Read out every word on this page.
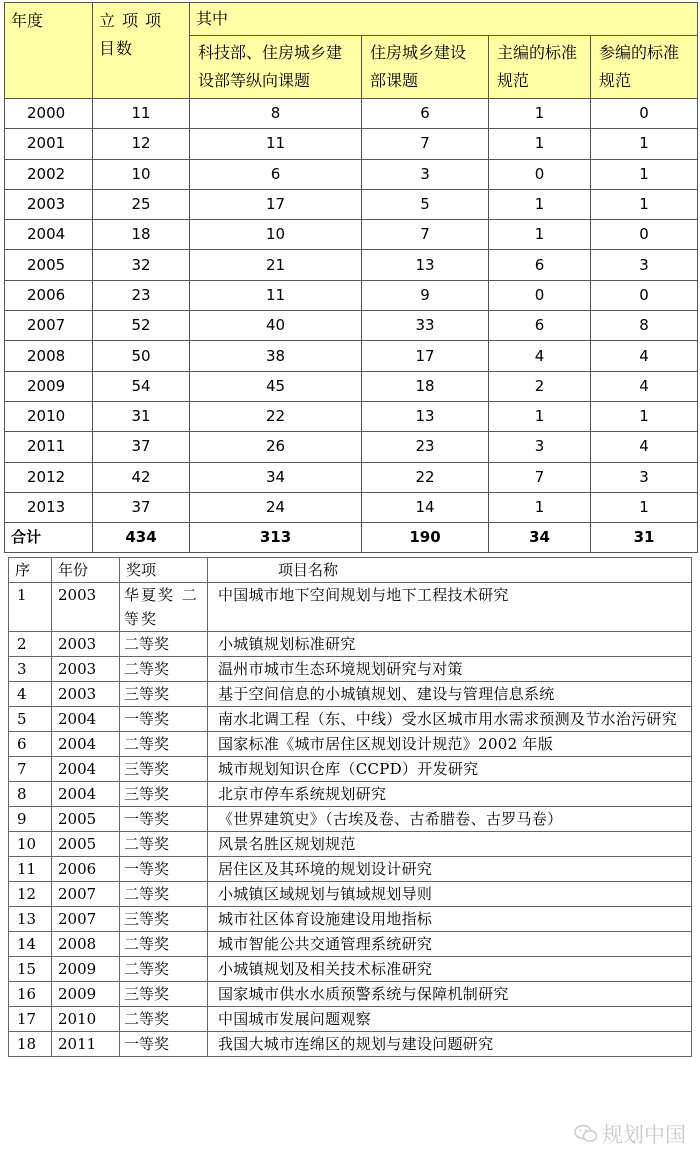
年度	立 项 项 目数	其中			
		科技部、住房城乡建设部等纵向课题	住房城乡建设部课题	主编的标准规范	参编的标准规范
2000	11	8	6	1	0
2001	12	11	7	1	1
2002	10	6	3	0	1
2003	25	17	5	1	1
2004	18	10	7	1	0
2005	32	21	13	6	3
2006	23	11	9	0	0
2007	52	40	33	6	8
2008	50	38	17	4	4
2009	54	45	18	2	4
2010	31	22	13	1	1
2011	37	26	23	3	4
2012	42	34	22	7	3
2013	37	24	14	1	1
合计	434	313	190	34	31
序	年份	奖项	项目名称
1	2003	华夏奖 二等奖	中国城市地下空间规划与地下工程技术研究
2	2003	二等奖	小城镇规划标准研究
3	2003	二等奖	温州市城市生态环境规划研究与对策
4	2003	三等奖	基于空间信息的小城镇规划、建设与管理信息系统
5	2004	一等奖	南水北调工程（东、中线）受水区城市用水需求预测及节水治污研究
6	2004	二等奖	国家标准《城市居住区规划设计规范》2002 年版
7	2004	三等奖	城市规划知识仓库（CCPD）开发研究
8	2004	三等奖	北京市停车系统规划研究
9	2005	一等奖	《世界建筑史》（古埃及卷、古希腊卷、古罗马卷）
10	2005	二等奖	风景名胜区规划规范
11	2006	一等奖	居住区及其环境的规划设计研究
12	2007	二等奖	小城镇区域规划与镇域规划导则
13	2007	三等奖	城市社区体育设施建设用地指标
14	2008	二等奖	城市智能公共交通管理系统研究
15	2009	二等奖	小城镇规划及相关技术标准研究
16	2009	三等奖	国家城市供水水质预警系统与保障机制研究
17	2010	二等奖	中国城市发展问题观察
18	2011	一等奖	我国大城市连绵区的规划与建设问题研究
规划中国
